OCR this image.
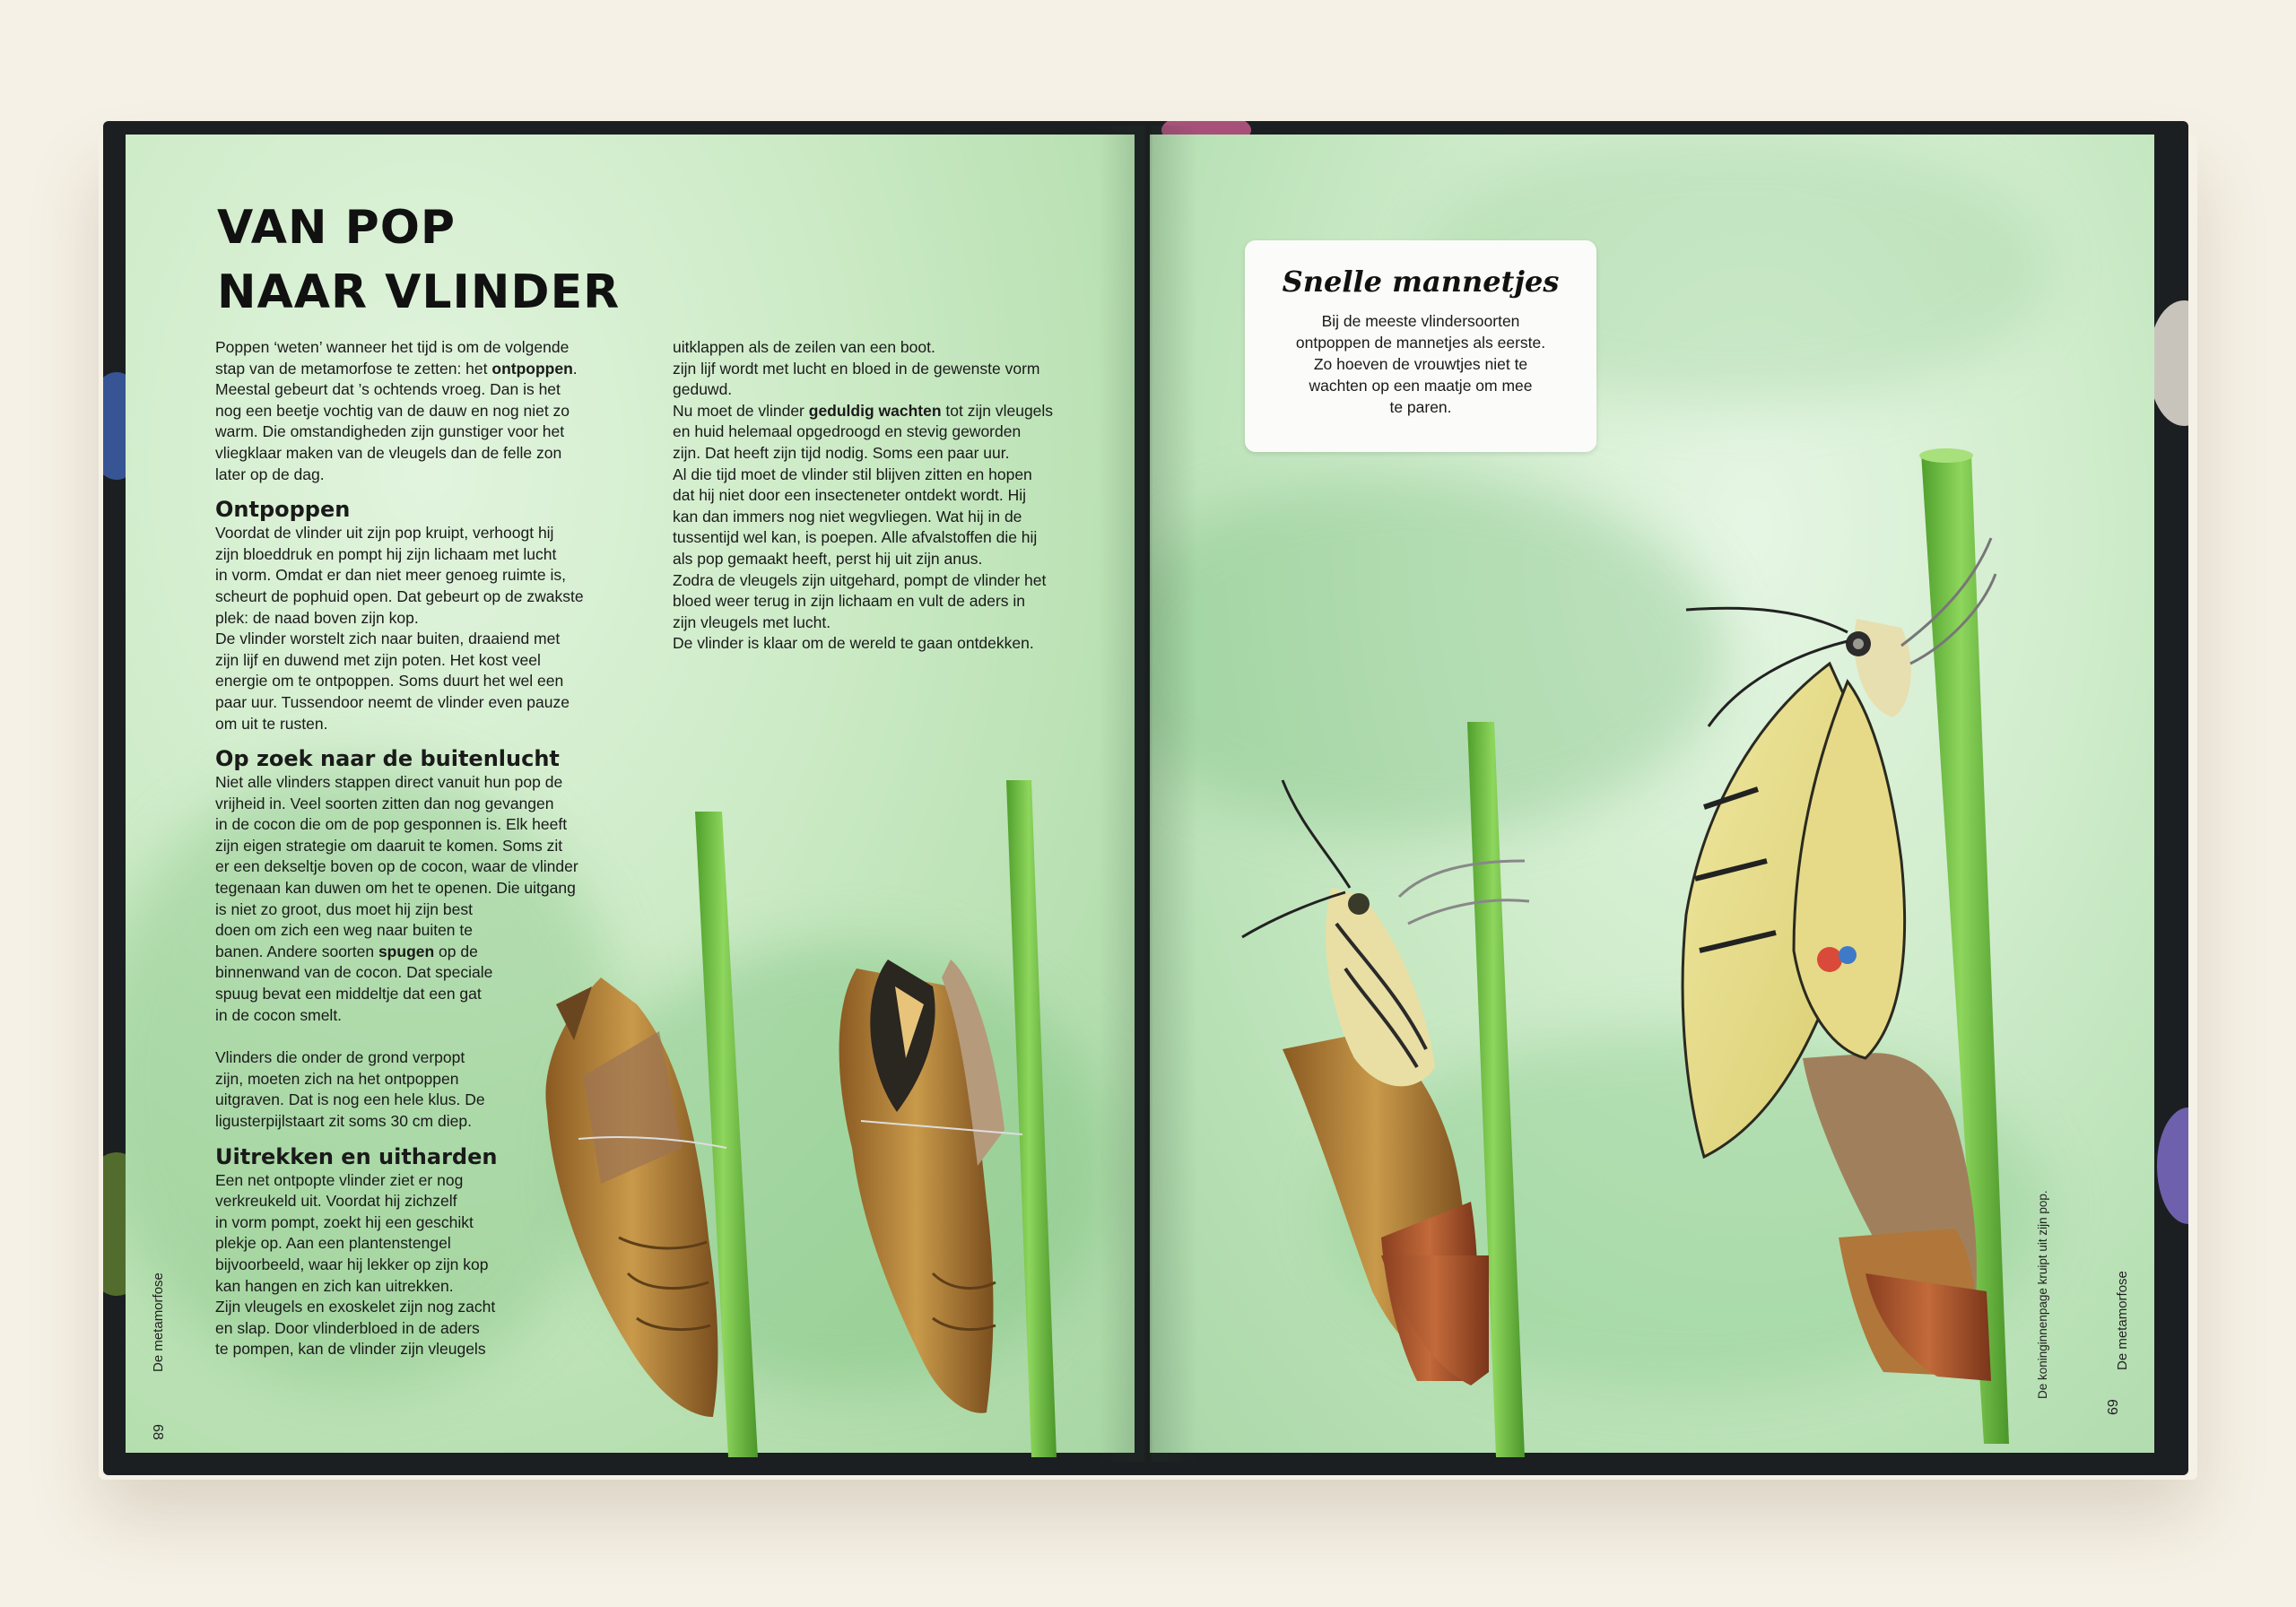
VAN POP
NAAR VLINDER

Poppen ‘weten’ wanneer het tijd is om de volgende

stap van de metamorfose te zetten: het ontpoppen.

Meestal gebeurt dat ’s ochtends vroeg. Dan is het

nog een beetje vochtig van de dauw en nog niet zo

warm. Die omstandigheden zijn gunstiger voor het

vliegklaar maken van de vleugels dan de felle zon

later op de dag.

Ontpoppen

Voordat de vlinder uit zijn pop kruipt, verhoogt hij

zijn bloeddruk en pompt hij zijn lichaam met lucht

in vorm. Omdat er dan niet meer genoeg ruimte is,

scheurt de pophuid open. Dat gebeurt op de zwakste

plek: de naad boven zijn kop.

De vlinder worstelt zich naar buiten, draaiend met

zijn lijf en duwend met zijn poten. Het kost veel

energie om te ontpoppen. Soms duurt het wel een

paar uur. Tussendoor neemt de vlinder even pauze

om uit te rusten.

Op zoek naar de buitenlucht

Niet alle vlinders stappen direct vanuit hun pop de

vrijheid in. Veel soorten zitten dan nog gevangen

in de cocon die om de pop gesponnen is. Elk heeft

zijn eigen strategie om daaruit te komen. Soms zit

er een dekseltje boven op de cocon, waar de vlinder

tegenaan kan duwen om het te openen. Die uitgang

is niet zo groot, dus moet hij zijn best

doen om zich een weg naar buiten te

banen. Andere soorten spugen op de

binnenwand van de cocon. Dat speciale

spuug bevat een middeltje dat een gat

in de cocon smelt.

Vlinders die onder de grond verpopt

zijn, moeten zich na het ontpoppen

uitgraven. Dat is nog een hele klus. De

ligusterpijlstaart zit soms 30 cm diep.

Uitrekken en uitharden

Een net ontpopte vlinder ziet er nog

verkreukeld uit. Voordat hij zichzelf

in vorm pompt, zoekt hij een geschikt

plekje op. Aan een plantenstengel

bijvoorbeeld, waar hij lekker op zijn kop

kan hangen en zich kan uitrekken.

Zijn vleugels en exoskelet zijn nog zacht

en slap. Door vlinderbloed in de aders

te pompen, kan de vlinder zijn vleugels

uitklappen als de zeilen van een boot.

zijn lijf wordt met lucht en bloed in de gewenste vorm

geduwd.

Nu moet de vlinder geduldig wachten tot zijn vleugels

en huid helemaal opgedroogd en stevig geworden

zijn. Dat heeft zijn tijd nodig. Soms een paar uur.

Al die tijd moet de vlinder stil blijven zitten en hopen

dat hij niet door een insecteneter ontdekt wordt. Hij

kan dan immers nog niet wegvliegen. Wat hij in de

tussentijd wel kan, is poepen. Alle afvalstoffen die hij

als pop gemaakt heeft, perst hij uit zijn anus.

Zodra de vleugels zijn uitgehard, pompt de vlinder het

bloed weer terug in zijn lichaam en vult de aders in

zijn vleugels met lucht.

De vlinder is klaar om de wereld te gaan ontdekken.

De metamorfose
68
Snelle mannetjes

Bij de meeste vlindersoorten

ontpoppen de mannetjes als eerste.

Zo hoeven de vrouwtjes niet te

wachten op een maatje om mee

te paren.

De koninginnenpage kruipt uit zijn pop.	De metamorfose
69
